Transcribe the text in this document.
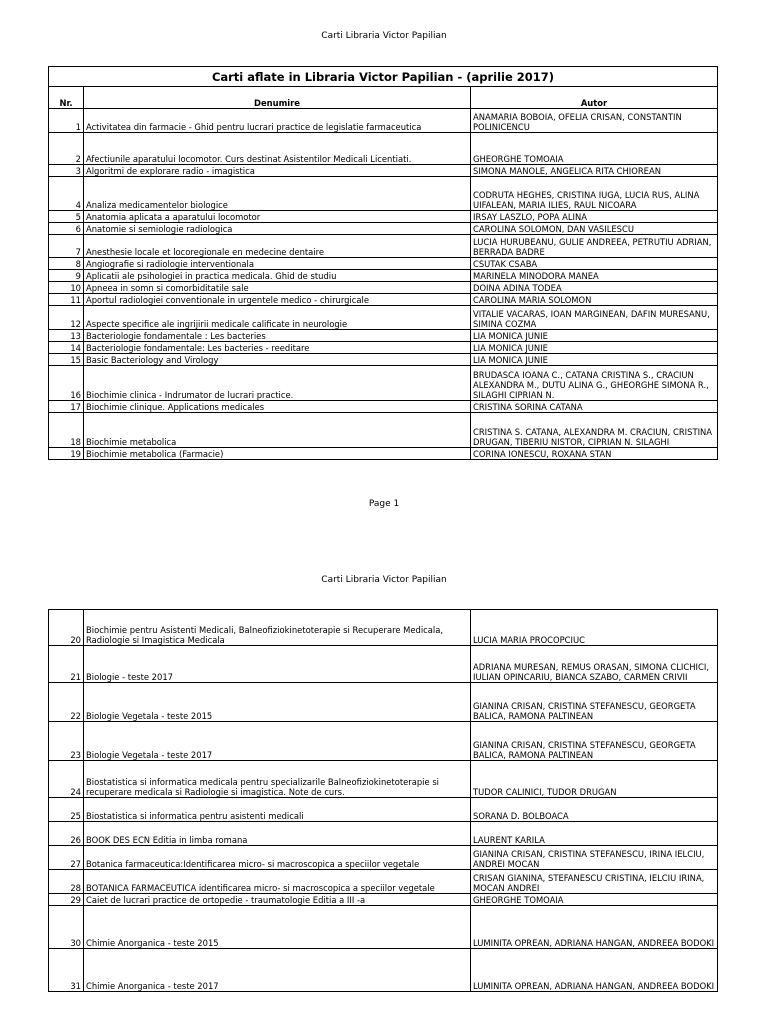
Carti Libraria Victor Papilian
Carti aflate in Libraria Victor Papilian - (aprilie 2017)		
Nr.	Denumire	Autor
1	Activitatea din farmacie - Ghid pentru lucrari practice de legislatie farmaceutica	ANAMARIA BOBOIA, OFELIA CRISAN, CONSTANTIN POLINICENCU
2	Afectiunile aparatului locomotor. Curs destinat Asistentilor Medicali Licentiati.	GHEORGHE TOMOAIA
3	Algoritmi de explorare radio - imagistica	SIMONA MANOLE, ANGELICA RITA CHIOREAN
4	Analiza medicamentelor biologice	CODRUTA HEGHES, CRISTINA IUGA, LUCIA RUS, ALINA UIFALEAN, MARIA ILIES, RAUL NICOARA
5	Anatomia aplicata a aparatului locomotor	IRSAY LASZLO, POPA ALINA
6	Anatomie si semiologie radiologica	CAROLINA SOLOMON, DAN VASILESCU
7	Anesthesie locale et locoregionale en medecine dentaire	LUCIA HURUBEANU, GULIE ANDREEA, PETRUTIU ADRIAN, BERRADA BADRE
8	Angiografie si radiologie interventionala	CSUTAK CSABA
9	Aplicatii ale psihologiei in practica medicala. Ghid de studiu	MARINELA MINODORA MANEA
10	Apneea in somn si comorbiditatile sale	DOINA ADINA TODEA
11	Aportul radiologiei conventionale in urgentele medico - chirurgicale	CAROLINA MARIA SOLOMON
12	Aspecte specifice ale ingrijirii medicale calificate in neurologie	VITALIE VACARAS, IOAN MARGINEAN, DAFIN MURESANU, SIMINA COZMA
13	Bacteriologie fondamentale : Les bacteries	LIA MONICA JUNIE
14	Bacteriologie fondamentale: Les bacteries - reeditare	LIA MONICA JUNIE
15	Basic Bacteriology and Virology	LIA MONICA JUNIE
16	Biochimie clinica - Indrumator de lucrari practice.	BRUDASCA IOANA C., CATANA CRISTINA S., CRACIUN ALEXANDRA M., DUTU ALINA G., GHEORGHE SIMONA R., SILAGHI CIPRIAN N.
17	Biochimie clinique. Applications medicales	CRISTINA SORINA CATANA
18	Biochimie metabolica	CRISTINA S. CATANA, ALEXANDRA M. CRACIUN, CRISTINA DRUGAN, TIBERIU NISTOR, CIPRIAN N. SILAGHI
19	Biochimie metabolica (Farmacie)	CORINA IONESCU, ROXANA STAN
Page 1
Carti Libraria Victor Papilian
20	Biochimie pentru Asistenti Medicali, Balneofiziokinetoterapie si Recuperare Medicala, Radiologie si Imagistica Medicala	LUCIA MARIA PROCOPCIUC
21	Biologie - teste 2017	ADRIANA MURESAN, REMUS ORASAN, SIMONA CLICHICI, IULIAN OPINCARIU, BIANCA SZABO, CARMEN CRIVII
22	Biologie Vegetala - teste 2015	GIANINA CRISAN, CRISTINA STEFANESCU, GEORGETA BALICA, RAMONA PALTINEAN
23	Biologie Vegetala - teste 2017	GIANINA CRISAN, CRISTINA STEFANESCU, GEORGETA BALICA, RAMONA PALTINEAN
24	Biostatistica si informatica medicala pentru specializarile Balneofiziokinetoterapie si recuperare medicala si Radiologie si imagistica. Note de curs.	TUDOR CALINICI, TUDOR DRUGAN
25	Biostatistica si informatica pentru asistenti medicali	SORANA D. BOLBOACA
26	BOOK DES ECN Editia in limba romana	LAURENT KARILA
27	Botanica farmaceutica:Identificarea micro- si macroscopica a speciilor vegetale	GIANINA CRISAN, CRISTINA STEFANESCU, IRINA IELCIU, ANDREI MOCAN
28	BOTANICA FARMACEUTICA identificarea micro- si macroscopica a speciilor vegetale	CRISAN GIANINA, STEFANESCU CRISTINA, IELCIU IRINA, MOCAN ANDREI
29	Caiet de lucrari practice de ortopedie - traumatologie Editia a III -a	GHEORGHE TOMOAIA
30	Chimie Anorganica - teste 2015	LUMINITA OPREAN, ADRIANA HANGAN, ANDREEA BODOKI
31	Chimie Anorganica - teste 2017	LUMINITA OPREAN, ADRIANA HANGAN, ANDREEA BODOKI
